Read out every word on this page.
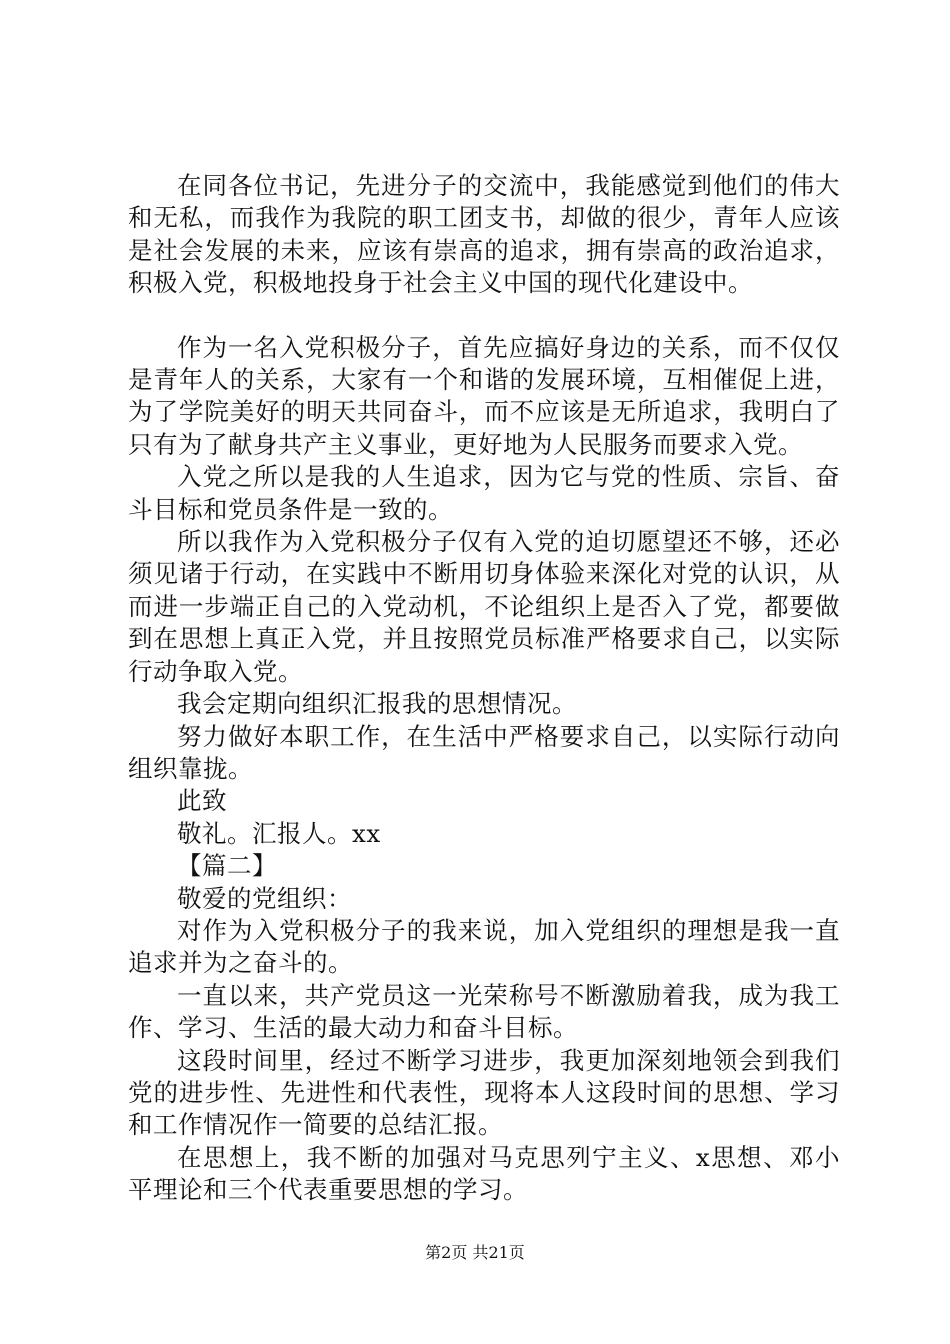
在同各位书记，先进分子的交流中，我能感觉到他们的伟大和无私，而我作为我院的职工团支书，却做的很少，青年人应该是社会发展的未来，应该有崇高的追求，拥有崇高的政治追求，积极入党，积极地投身于社会主义中国的现代化建设中。

作为一名入党积极分子，首先应搞好身边的关系，而不仅仅是青年人的关系，大家有一个和谐的发展环境，互相催促上进，为了学院美好的明天共同奋斗，而不应该是无所追求，我明白了只有为了献身共产主义事业，更好地为人民服务而要求入党。

入党之所以是我的人生追求，因为它与党的性质、宗旨、奋斗目标和党员条件是一致的。

所以我作为入党积极分子仅有入党的迫切愿望还不够，还必须见诸于行动，在实践中不断用切身体验来深化对党的认识，从而进一步端正自己的入党动机，不论组织上是否入了党，都要做到在思想上真正入党，并且按照党员标准严格要求自己，以实际行动争取入党。

我会定期向组织汇报我的思想情况。

努力做好本职工作，在生活中严格要求自己，以实际行动向组织靠拢。

此致

敬礼。汇报人。xx

【篇二】

敬爱的党组织：

对作为入党积极分子的我来说，加入党组织的理想是我一直追求并为之奋斗的。

一直以来，共产党员这一光荣称号不断激励着我，成为我工作、学习、生活的最大动力和奋斗目标。

这段时间里，经过不断学习进步，我更加深刻地领会到我们党的进步性、先进性和代表性，现将本人这段时间的思想、学习和工作情况作一简要的总结汇报。

在思想上，我不断的加强对马克思列宁主义、x思想、邓小平理论和三个代表重要思想的学习。

第2页 共21页
